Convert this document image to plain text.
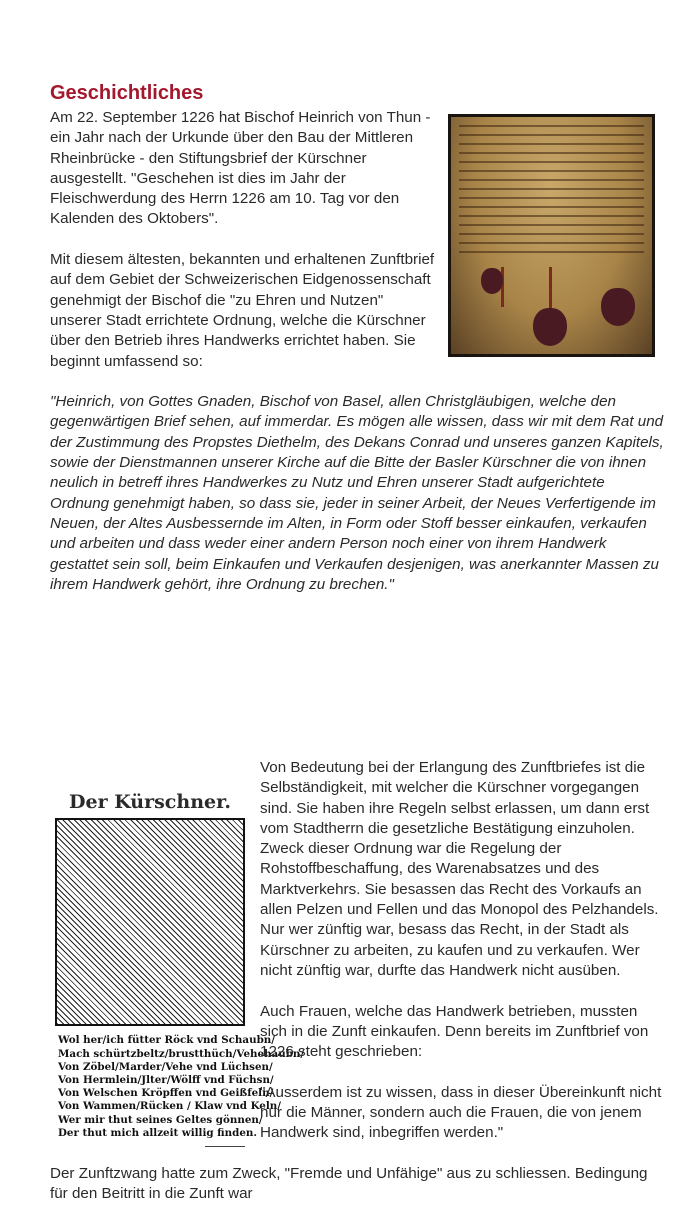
Geschichtliches

Am 22. September 1226 hat Bischof Heinrich von Thun - ein Jahr nach der Urkunde über den Bau der Mittleren Rheinbrücke - den Stiftungsbrief der Kürschner ausgestellt. "Geschehen ist dies im Jahr der Fleischwerdung des Herrn 1226 am 10. Tag vor den Kalenden des Oktobers".

Mit diesem ältesten, bekannten und erhaltenen Zunftbrief auf dem Gebiet der Schweizerischen Eidgenossenschaft genehmigt der Bischof die "zu Ehren und Nutzen" unserer Stadt errichtete Ordnung, welche die Kürschner über den Betrieb ihres Handwerks errichtet haben. Sie beginnt umfassend so:

"Heinrich, von Gottes Gnaden, Bischof von Basel, allen Christgläubigen, welche den gegenwärtigen Brief sehen, auf immerdar. Es mögen alle wissen, dass wir mit dem Rat und der Zustimmung des Propstes Diethelm, des Dekans Conrad und unseres ganzen Kapitels, sowie der Dienstmannen unserer Kirche auf die Bitte der Basler Kürschner die von ihnen neulich in betreff ihres Handwerkes zu Nutz und Ehren unserer Stadt aufgerichtete Ordnung genehmigt haben, so dass sie, jeder in seiner Arbeit, der Neues Verfertigende im Neuen, der Altes Ausbessernde im Alten, in Form oder Stoff besser einkaufen, verkaufen und arbeiten und dass weder einer andern Person noch einer von ihrem Handwerk gestattet sein soll, beim Einkaufen und Verkaufen desjenigen, was anerkannter Massen zu ihrem Handwerk gehört, ihre Ordnung zu brechen."

Der Kürschner.
Wol her/ich fütter Röck vnd Schaubn/
Mach schürtzbeltz/brustthüch/Vehehaubn/
Von Zöbel/Marder/Vehe vnd Lüchsen/
Von Hermlein/Jlter/Wölff vnd Füchsn/
Von Welschen Kröpffen vnd Geißfeln/
Von Wammen/Rücken / Klaw vnd Keln/
Wer mir thut seines Geltes gönnen/
Der thut mich allzeit willig finden.

Von Bedeutung bei der Erlangung des Zunftbriefes ist die Selbständigkeit, mit welcher die Kürschner vorgegangen sind. Sie haben ihre Regeln selbst erlassen, um dann erst vom Stadtherrn die gesetzliche Bestätigung einzuholen. Zweck dieser Ordnung war die Regelung der Rohstoffbeschaffung, des Warenabsatzes und des Marktverkehrs. Sie besassen das Recht des Vorkaufs an allen Pelzen und Fellen und das Monopol des Pelzhandels. Nur wer zünftig war, besass das Recht, in der Stadt als Kürschner zu arbeiten, zu kaufen und zu verkaufen. Wer nicht zünftig war, durfte das Handwerk nicht ausüben.

Auch Frauen, welche das Handwerk betrieben, mussten sich in die Zunft einkaufen. Denn bereits im Zunftbrief von 1226 steht geschrieben:

"Ausserdem ist zu wissen, dass in dieser Übereinkunft nicht nur die Männer, sondern auch die Frauen, die von jenem Handwerk sind, inbegriffen werden."

Der Zunftzwang hatte zum Zweck, "Fremde und Unfähige" aus zu schliessen. Bedingung für den Beitritt in die Zunft war
